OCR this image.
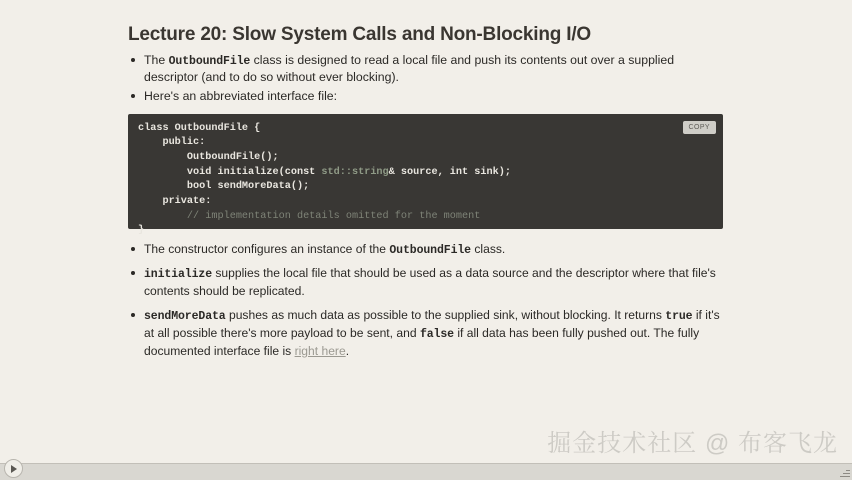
Lecture 20: Slow System Calls and Non-Blocking I/O
The OutboundFile class is designed to read a local file and push its contents out over a supplied descriptor (and to do so without ever blocking).
Here's an abbreviated interface file:
COPY
class OutboundFile {
public:
OutboundFile();
void initialize(const std::string& source, int sink);
bool sendMoreData();
private:
// implementation details omitted for the moment
}
The constructor configures an instance of the OutboundFile class.
initialize supplies the local file that should be used as a data source and the descriptor where that file's contents should be replicated.
sendMoreData pushes as much data as possible to the supplied sink, without blocking. It returns true if it's at all possible there's more payload to be sent, and false if all data has been fully pushed out. The fully documented interface file is right here.
掘金技术社区 @ 布客飞龙
